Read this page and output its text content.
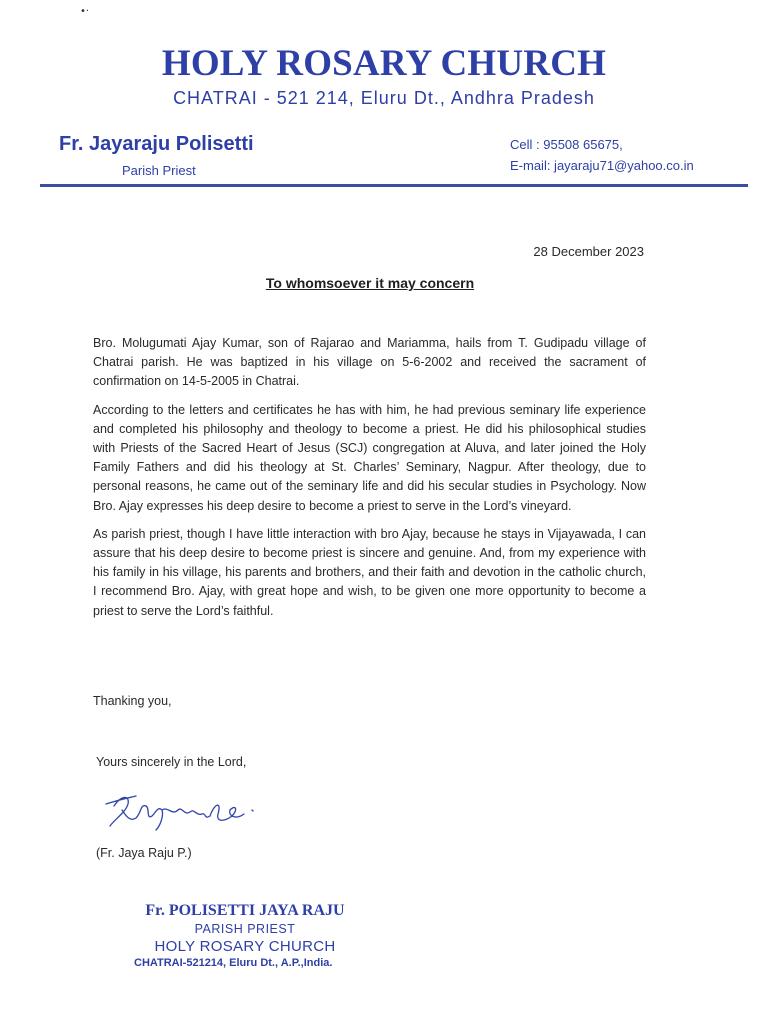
•·
HOLY ROSARY CHURCH
CHATRAI - 521 214, Eluru Dt., Andhra Pradesh
Fr. Jayaraju Polisetti
Parish Priest
Cell : 95508 65675,
E-mail: jayaraju71@yahoo.co.in
28 December 2023
To whomsoever it may concern

Bro. Molugumati Ajay Kumar, son of Rajarao and Mariamma, hails from T. Gudipadu village of Chatrai parish. He was baptized in his village on 5-6-2002 and received the sacrament of confirmation on 14-5-2005 in Chatrai.

According to the letters and certificates he has with him, he had previous seminary life experience and completed his philosophy and theology to become a priest. He did his philosophical studies with Priests of the Sacred Heart of Jesus (SCJ) congregation at Aluva, and later joined the Holy Family Fathers and did his theology at St. Charles’ Seminary, Nagpur. After theology, due to personal reasons, he came out of the seminary life and did his secular studies in Psychology. Now Bro. Ajay expresses his deep desire to become a priest to serve in the Lord’s vineyard.

As parish priest, though I have little interaction with bro Ajay, because he stays in Vijayawada, I can assure that his deep desire to become priest is sincere and genuine. And, from my experience with his family in his village, his parents and brothers, and their faith and devotion in the catholic church, I recommend Bro. Ajay, with great hope and wish, to be given one more opportunity to become a priest to serve the Lord’s faithful.

Thanking you,
Yours sincerely in the Lord,
(Fr. Jaya Raju P.)
Fr. POLISETTI JAYA RAJU
PARISH PRIEST
HOLY ROSARY CHURCH
CHATRAI-521214, Eluru Dt., A.P.,India.
